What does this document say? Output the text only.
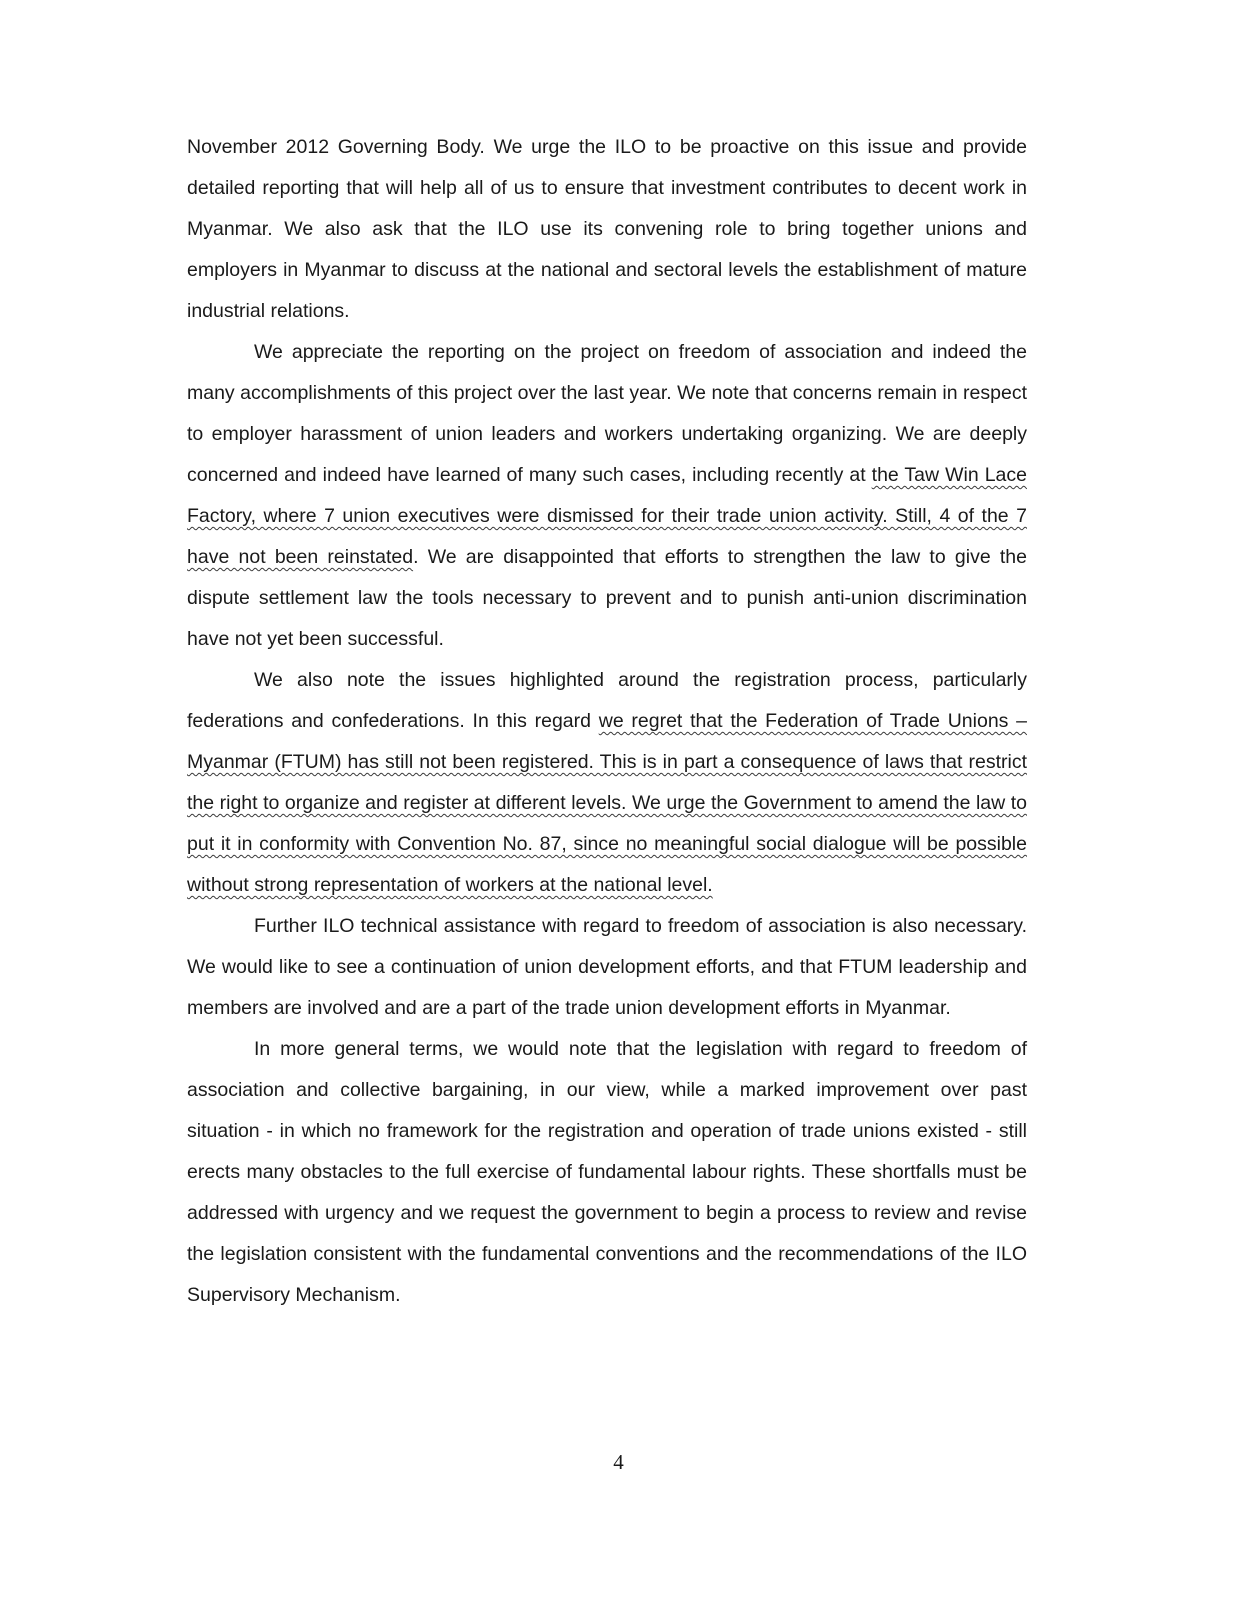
November 2012 Governing Body. We urge the ILO to be proactive on this issue and provide detailed reporting that will help all of us to ensure that investment contributes to decent work in Myanmar. We also ask that the ILO use its convening role to bring together unions and employers in Myanmar to discuss at the national and sectoral levels the establishment of mature industrial relations.

We appreciate the reporting on the project on freedom of association and indeed the many accomplishments of this project over the last year. We note that concerns remain in respect to employer harassment of union leaders and workers undertaking organizing. We are deeply concerned and indeed have learned of many such cases, including recently at the Taw Win Lace Factory, where 7 union executives were dismissed for their trade union activity. Still, 4 of the 7 have not been reinstated. We are disappointed that efforts to strengthen the law to give the dispute settlement law the tools necessary to prevent and to punish anti-union discrimination have not yet been successful.

We also note the issues highlighted around the registration process, particularly federations and confederations. In this regard we regret that the Federation of Trade Unions – Myanmar (FTUM) has still not been registered. This is in part a consequence of laws that restrict the right to organize and register at different levels. We urge the Government to amend the law to put it in conformity with Convention No. 87, since no meaningful social dialogue will be possible without strong representation of workers at the national level.

Further ILO technical assistance with regard to freedom of association is also necessary. We would like to see a continuation of union development efforts, and that FTUM leadership and members are involved and are a part of the trade union development efforts in Myanmar.

In more general terms, we would note that the legislation with regard to freedom of association and collective bargaining, in our view, while a marked improvement over past situation - in which no framework for the registration and operation of trade unions existed - still erects many obstacles to the full exercise of fundamental labour rights. These shortfalls must be addressed with urgency and we request the government to begin a process to review and revise the legislation consistent with the fundamental conventions and the recommendations of the ILO Supervisory Mechanism.

4
